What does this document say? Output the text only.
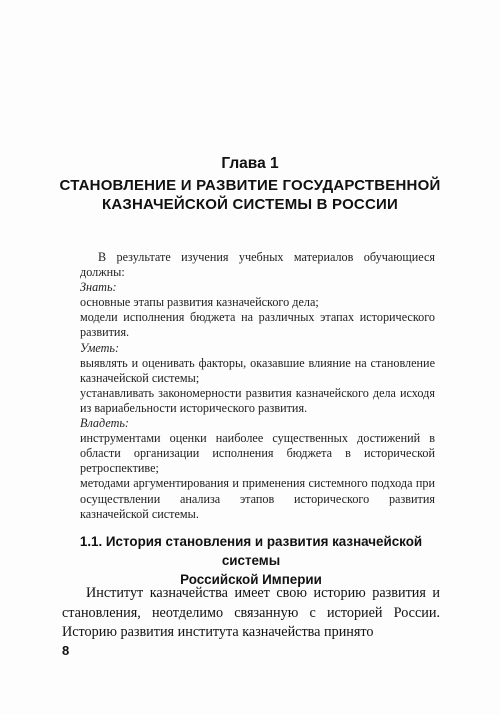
Глава 1
СТАНОВЛЕНИЕ И РАЗВИТИЕ ГОСУДАРСТВЕННОЙ
КАЗНАЧЕЙСКОЙ СИСТЕМЫ В РОССИИ

В результате изучения учебных материалов обучающиеся должны:

Знать:

основные этапы развития казначейского дела;

модели исполнения бюджета на различных этапах исторического развития.

Уметь:

выявлять и оценивать факторы, оказавшие влияние на становление казначейской системы;

устанавливать закономерности развития казначейского дела исходя из вариабельности исторического развития.

Владеть:

инструментами оценки наиболее существенных достижений в области организации исполнения бюджета в исторической ретроспективе;

методами аргументирования и применения системного подхода при осуществлении анализа этапов исторического развития казначейской системы.

1.1. История становления и развития казначейской системы
Российской Империи

Институт казначейства имеет свою историю развития и становления, неотделимо связанную с историей России. Историю развития института казначейства принято

8
